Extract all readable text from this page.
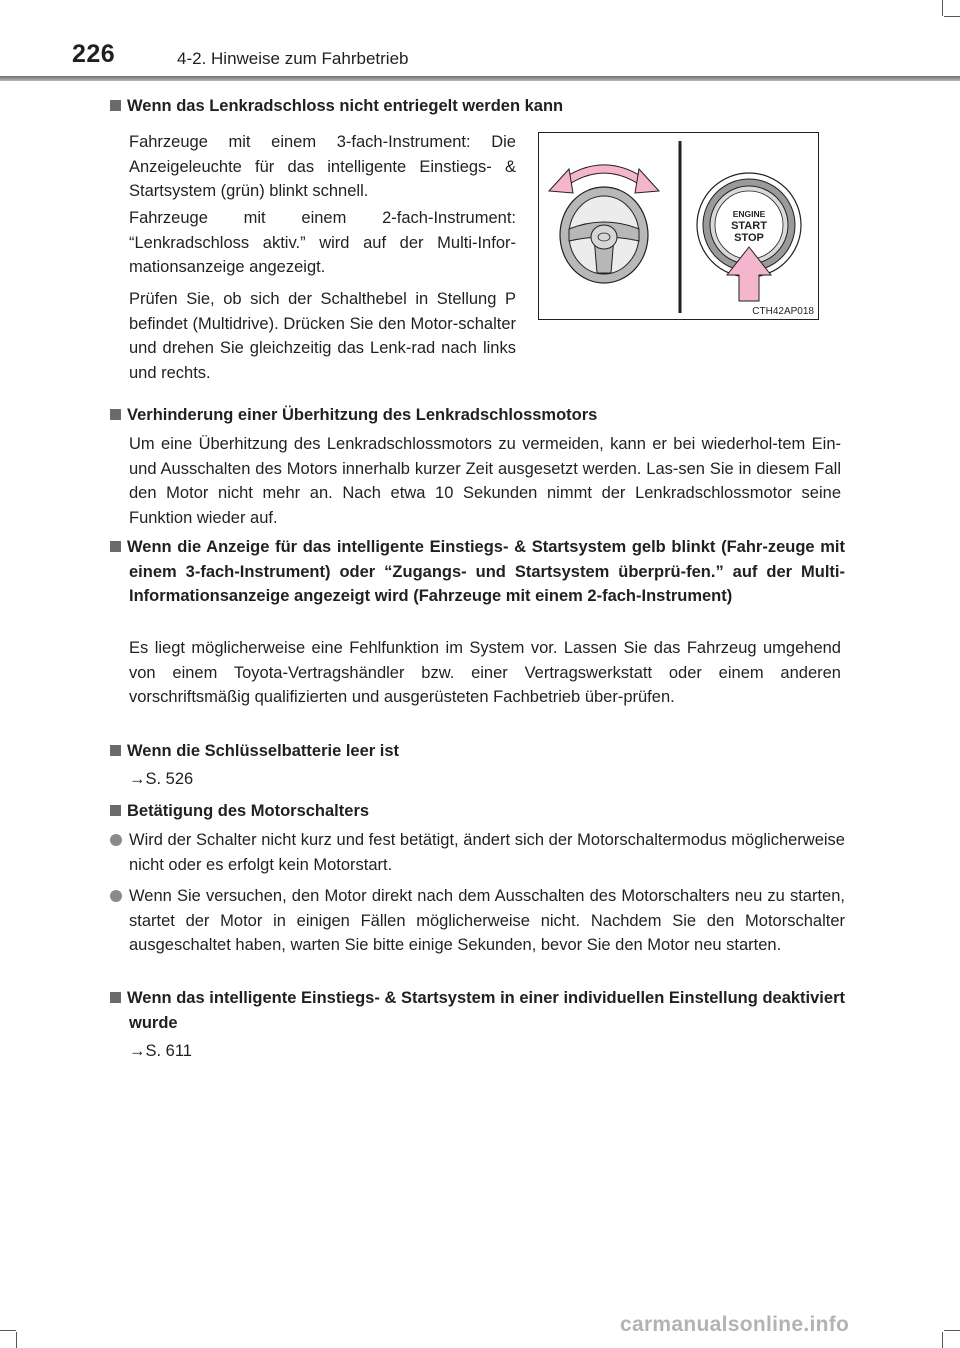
226	4-2. Hinweise zum Fahrbetrieb
Wenn das Lenkradschloss nicht entriegelt werden kann
Fahrzeuge mit einem 3-fach-Instrument: Die Anzeigeleuchte für das intelligente Einstiegs- & Startsystem (grün) blinkt schnell.
Fahrzeuge mit einem 2-fach-Instrument: “Lenkradschloss aktiv.” wird auf der Multi-Infor-mationsanzeige angezeigt.
Prüfen Sie, ob sich der Schalthebel in Stellung P befindet (Multidrive). Drücken Sie den Motor-schalter und drehen Sie gleichzeitig das Lenk-rad nach links und rechts.
ENGINE
START
STOP
CTH42AP018
Verhinderung einer Überhitzung des Lenkradschlossmotors
Um eine Überhitzung des Lenkradschlossmotors zu vermeiden, kann er bei wiederhol-tem Ein- und Ausschalten des Motors innerhalb kurzer Zeit ausgesetzt werden. Las-sen Sie in diesem Fall den Motor nicht mehr an. Nach etwa 10 Sekunden nimmt der Lenkradschlossmotor seine Funktion wieder auf.
Wenn die Anzeige für das intelligente Einstiegs- & Startsystem gelb blinkt (Fahr-zeuge mit einem 3-fach-Instrument) oder “Zugangs- und Startsystem überprü-fen.” auf der Multi-Informationsanzeige angezeigt wird (Fahrzeuge mit einem 2-fach-Instrument)
Es liegt möglicherweise eine Fehlfunktion im System vor. Lassen Sie das Fahrzeug umgehend von einem Toyota-Vertragshändler bzw. einer Vertragswerkstatt oder einem anderen vorschriftsmäßig qualifizierten und ausgerüsteten Fachbetrieb über-prüfen.
Wenn die Schlüsselbatterie leer ist
→S. 526
Betätigung des Motorschalters
Wird der Schalter nicht kurz und fest betätigt, ändert sich der Motorschaltermodus möglicherweise nicht oder es erfolgt kein Motorstart.
Wenn Sie versuchen, den Motor direkt nach dem Ausschalten des Motorschalters neu zu starten, startet der Motor in einigen Fällen möglicherweise nicht. Nachdem Sie den Motorschalter ausgeschaltet haben, warten Sie bitte einige Sekunden, bevor Sie den Motor neu starten.
Wenn das intelligente Einstiegs- & Startsystem in einer individuellen Einstellung deaktiviert wurde
→S. 611
carmanualsonline.info
